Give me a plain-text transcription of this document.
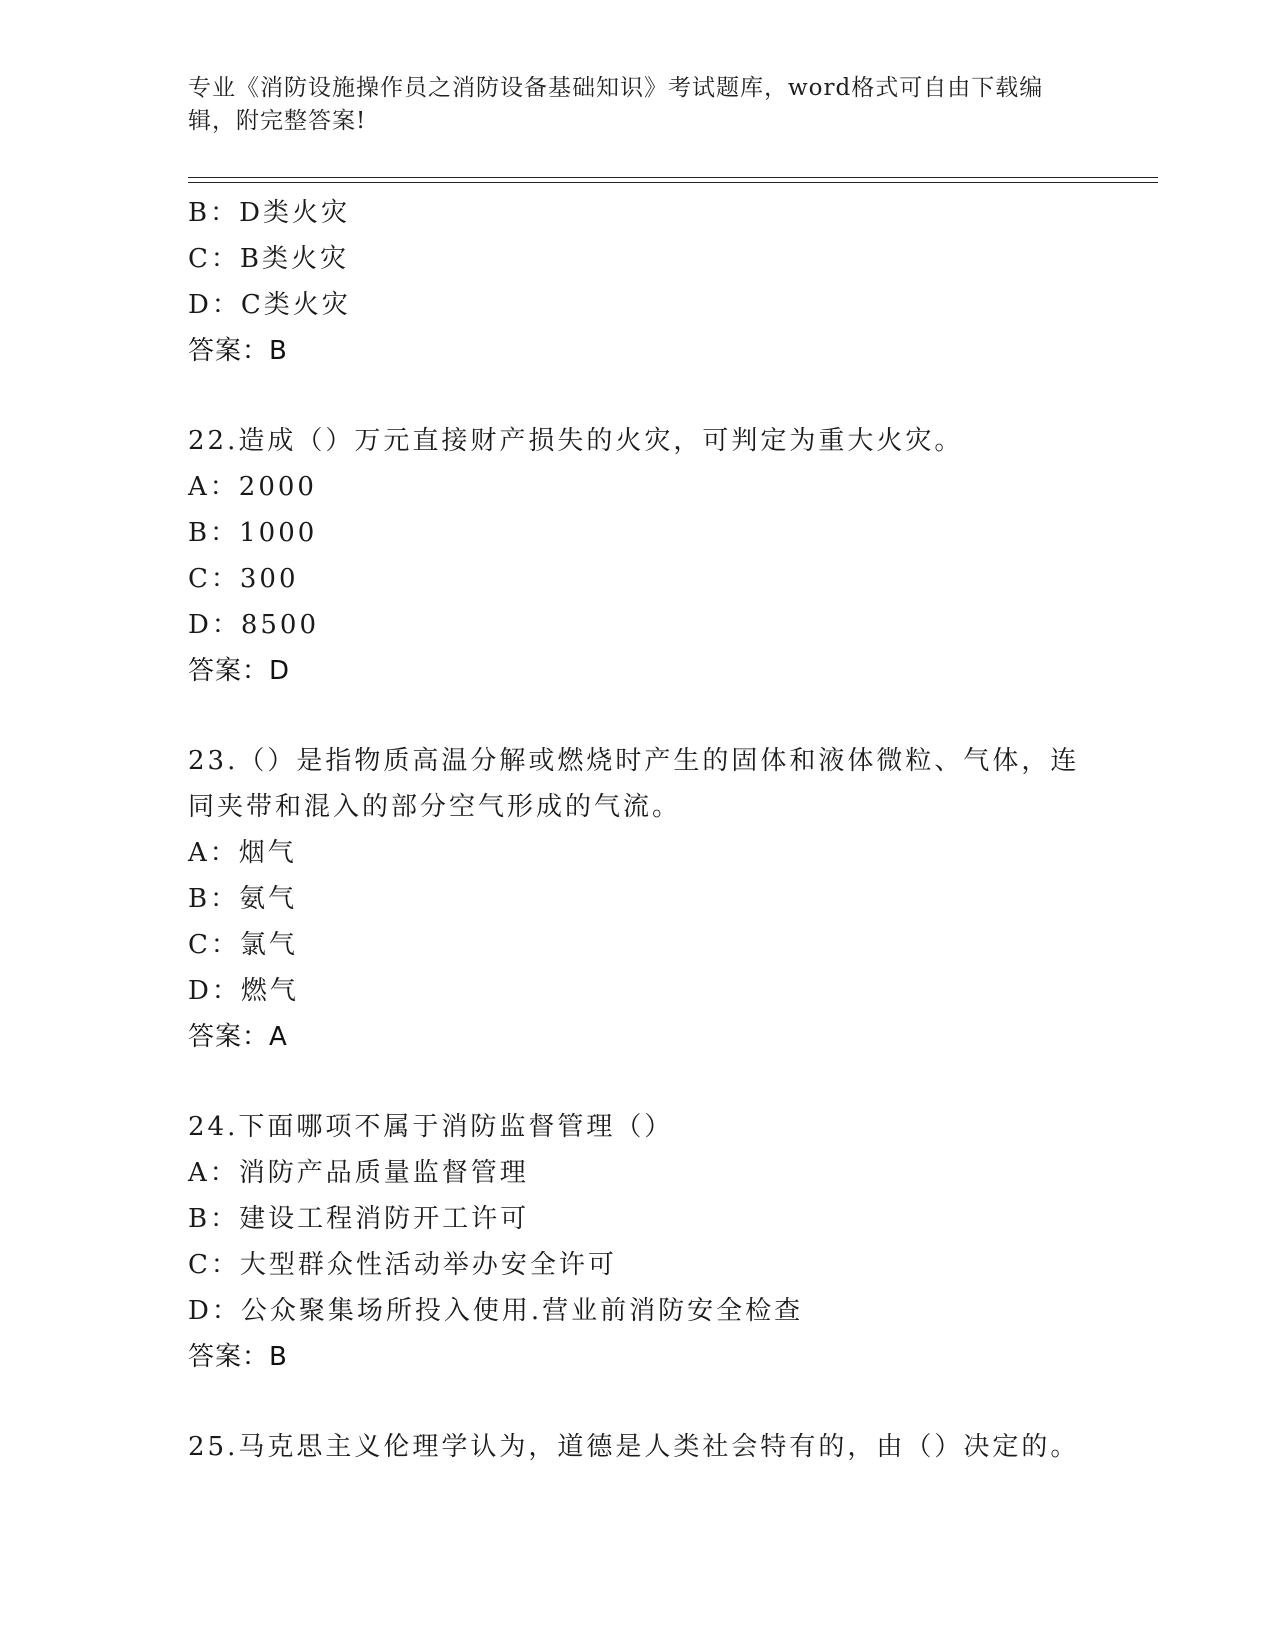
专业《消防设施操作员之消防设备基础知识》考试题库，word格式可自由下载编
辑，附完整答案!
B：D类火灾
C：B类火灾
D：C类火灾
答案：B
22.造成（）万元直接财产损失的火灾，可判定为重大火灾。
A：2000
B：1000
C：300
D：8500
答案：D
23.（）是指物质高温分解或燃烧时产生的固体和液体微粒、气体，连同夹带和混入的部分空气形成的气流。
A：烟气
B：氨气
C：氯气
D：燃气
答案：A
24.下面哪项不属于消防监督管理（）
A：消防产品质量监督管理
B：建设工程消防开工许可
C：大型群众性活动举办安全许可
D：公众聚集场所投入使用.营业前消防安全检查
答案：B
25.马克思主义伦理学认为，道德是人类社会特有的，由（）决定的。
